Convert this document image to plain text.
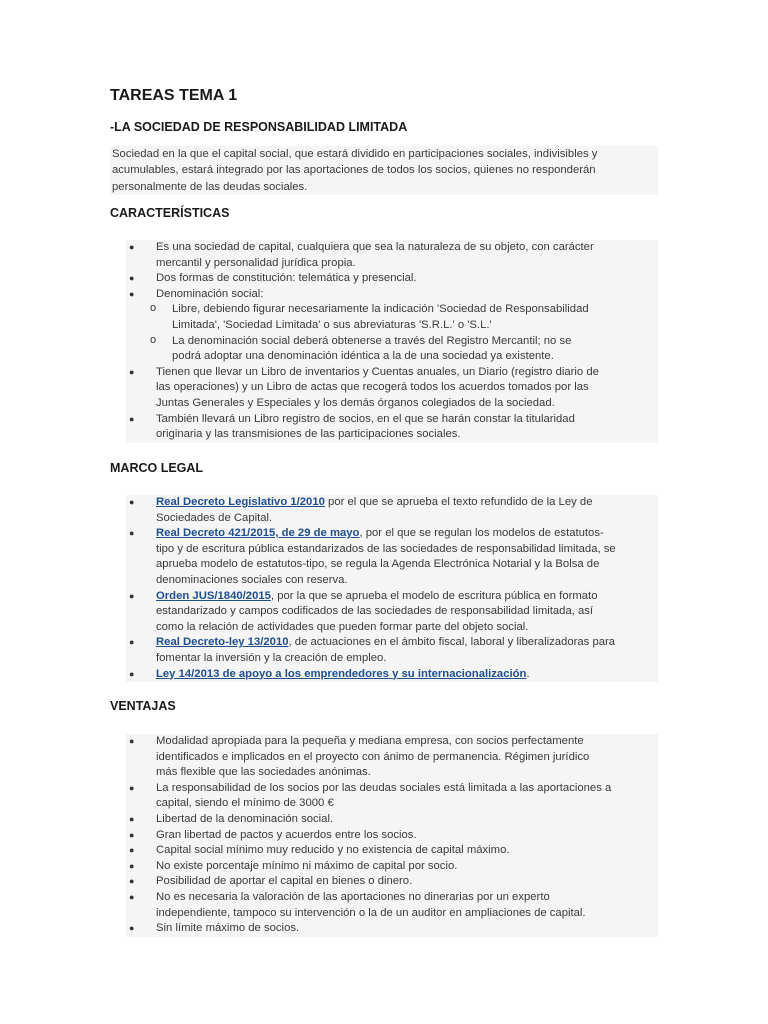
TAREAS TEMA 1
-LA SOCIEDAD DE RESPONSABILIDAD LIMITADA

Sociedad en la que el capital social, que estará dividido en participaciones sociales, indivisibles y

acumulables, estará integrado por las aportaciones de todos los socios, quienes no responderán

personalmente de las deudas sociales.

CARACTERÍSTICAS
● Es una sociedad de capital, cualquiera que sea la naturaleza de su objeto, con carácter
mercantil y personalidad jurídica propia.
● Dos formas de constitución: telemática y presencial.
● Denominación social:
o Libre, debiendo figurar necesariamente la indicación 'Sociedad de Responsabilidad
Limitada', 'Sociedad Limitada' o sus abreviaturas 'S.R.L.' o 'S.L.'
o La denominación social deberá obtenerse a través del Registro Mercantil; no se
podrá adoptar una denominación idéntica a la de una sociedad ya existente.
● Tienen que llevar un Libro de inventarios y Cuentas anuales, un Diario (registro diario de
las operaciones) y un Libro de actas que recogerá todos los acuerdos tomados por las
Juntas Generales y Especiales y los demás órganos colegiados de la sociedad.
● También llevará un Libro registro de socios, en el que se harán constar la titularidad
originaria y las transmisiones de las participaciones sociales.
MARCO LEGAL
● Real Decreto Legislativo 1/2010 por el que se aprueba el texto refundido de la Ley de
Sociedades de Capital.
● Real Decreto 421/2015, de 29 de mayo, por el que se regulan los modelos de estatutos-
tipo y de escritura pública estandarizados de las sociedades de responsabilidad limitada, se
aprueba modelo de estatutos-tipo, se regula la Agenda Electrónica Notarial y la Bolsa de
denominaciones sociales con reserva.
● Orden JUS/1840/2015, por la que se aprueba el modelo de escritura pública en formato
estandarizado y campos codificados de las sociedades de responsabilidad limitada, así
como la relación de actividades que pueden formar parte del objeto social.
● Real Decreto-ley 13/2010, de actuaciones en el ámbito fiscal, laboral y liberalizadoras para
fomentar la inversión y la creación de empleo.
● Ley 14/2013 de apoyo a los emprendedores y su internacionalización.
VENTAJAS
● Modalidad apropiada para la pequeña y mediana empresa, con socios perfectamente
identificados e implicados en el proyecto con ánimo de permanencia. Régimen jurídico
más flexible que las sociedades anónimas.
● La responsabilidad de los socios por las deudas sociales está limitada a las aportaciones a
capital, siendo el mínimo de 3000 €
● Libertad de la denominación social.
● Gran libertad de pactos y acuerdos entre los socios.
● Capital social mínimo muy reducido y no existencia de capital máximo.
● No existe porcentaje mínimo ni máximo de capital por socio.
● Posibilidad de aportar el capital en bienes o dinero.
● No es necesaria la valoración de las aportaciones no dinerarias por un experto
independiente, tampoco su intervención o la de un auditor en ampliaciones de capital.
● Sin límite máximo de socios.
